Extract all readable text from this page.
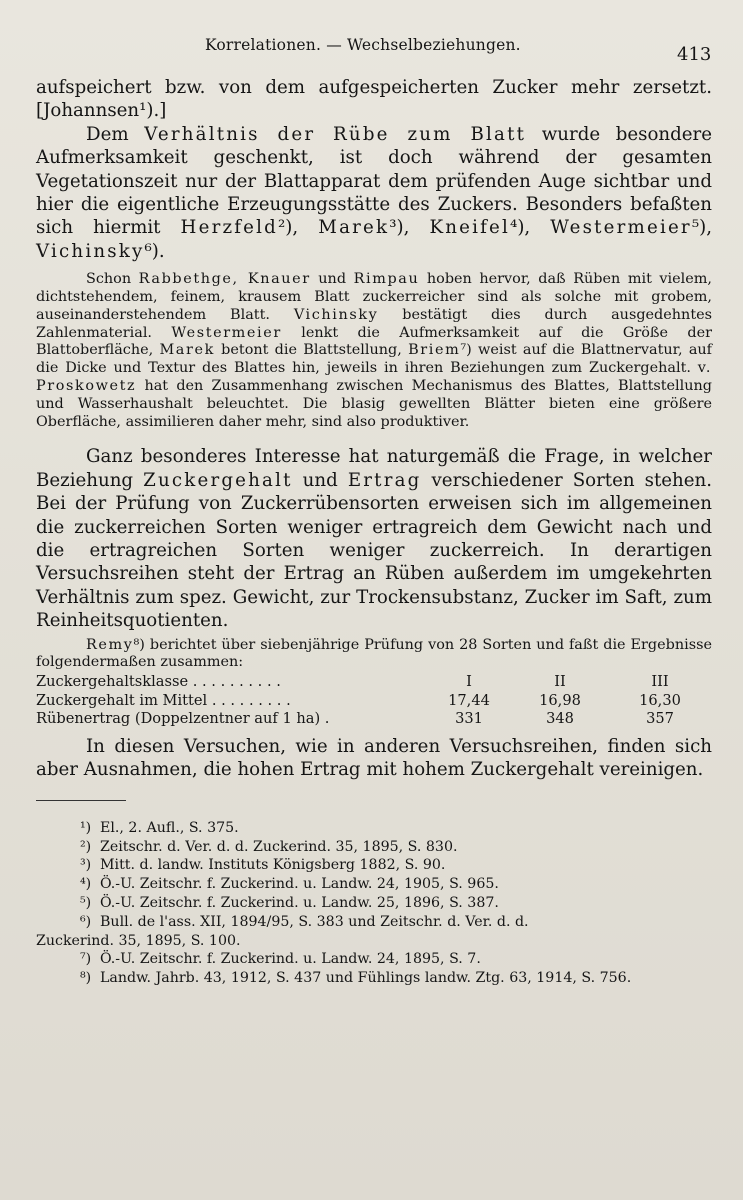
Korrelationen. — Wechselbeziehungen.	413

aufspeichert bzw. von dem aufgespeicherten Zucker mehr zersetzt. [Johannsen¹).]

Dem Verhältnis der Rübe zum Blatt wurde besondere Aufmerksamkeit geschenkt, ist doch während der gesamten Vegetationszeit nur der Blattapparat dem prüfenden Auge sichtbar und hier die eigentliche Erzeugungsstätte des Zuckers. Besonders befaßten sich hiermit Herzfeld²), Marek³), Kneifel⁴), Westermeier⁵), Vichinsky⁶).

Schon Rabbethge, Knauer und Rimpau hoben hervor, daß Rüben mit vielem, dichtstehendem, feinem, krausem Blatt zuckerreicher sind als solche mit grobem, auseinanderstehendem Blatt. Vichinsky bestätigt dies durch ausgedehntes Zahlenmaterial. Westermeier lenkt die Aufmerksamkeit auf die Größe der Blattoberfläche, Marek betont die Blattstellung, Briem⁷) weist auf die Blattnervatur, auf die Dicke und Textur des Blattes hin, jeweils in ihren Beziehungen zum Zuckergehalt. v. Proskowetz hat den Zusammenhang zwischen Mechanismus des Blattes, Blattstellung und Wasserhaushalt beleuchtet. Die blasig gewellten Blätter bieten eine größere Oberfläche, assimilieren daher mehr, sind also produktiver.

Ganz besonderes Interesse hat naturgemäß die Frage, in welcher Beziehung Zuckergehalt und Ertrag verschiedener Sorten stehen. Bei der Prüfung von Zuckerrübensorten erweisen sich im allgemeinen die zuckerreichen Sorten weniger ertragreich dem Gewicht nach und die ertragreichen Sorten weniger zuckerreich. In derartigen Versuchsreihen steht der Ertrag an Rüben außerdem im umgekehrten Verhältnis zum spez. Gewicht, zur Trockensubstanz, Zucker im Saft, zum Reinheitsquotienten.

Remy⁸) berichtet über siebenjährige Prüfung von 28 Sorten und faßt die Ergebnisse folgendermaßen zusammen:

Zuckergehaltsklasse . . . . . . . . . .	I	II	III
Zuckergehalt im Mittel . . . . . . . . .	17,44	16,98	16,30
Rübenertrag (Doppelzentner auf 1 ha) .	331	348	357

In diesen Versuchen, wie in anderen Versuchsreihen, finden sich aber Ausnahmen, die hohen Ertrag mit hohem Zuckergehalt vereinigen.

¹) El., 2. Aufl., S. 375.
²) Zeitschr. d. Ver. d. d. Zuckerind. 35, 1895, S. 830.
³) Mitt. d. landw. Instituts Königsberg 1882, S. 90.
⁴) Ö.-U. Zeitschr. f. Zuckerind. u. Landw. 24, 1905, S. 965.
⁵) Ö.-U. Zeitschr. f. Zuckerind. u. Landw. 25, 1896, S. 387.
⁶) Bull. de l'ass. XII, 1894/95, S. 383 und Zeitschr. d. Ver. d. d.
Zuckerind. 35, 1895, S. 100.
⁷) Ö.-U. Zeitschr. f. Zuckerind. u. Landw. 24, 1895, S. 7.
⁸) Landw. Jahrb. 43, 1912, S. 437 und Fühlings landw. Ztg. 63, 1914, S. 756.
